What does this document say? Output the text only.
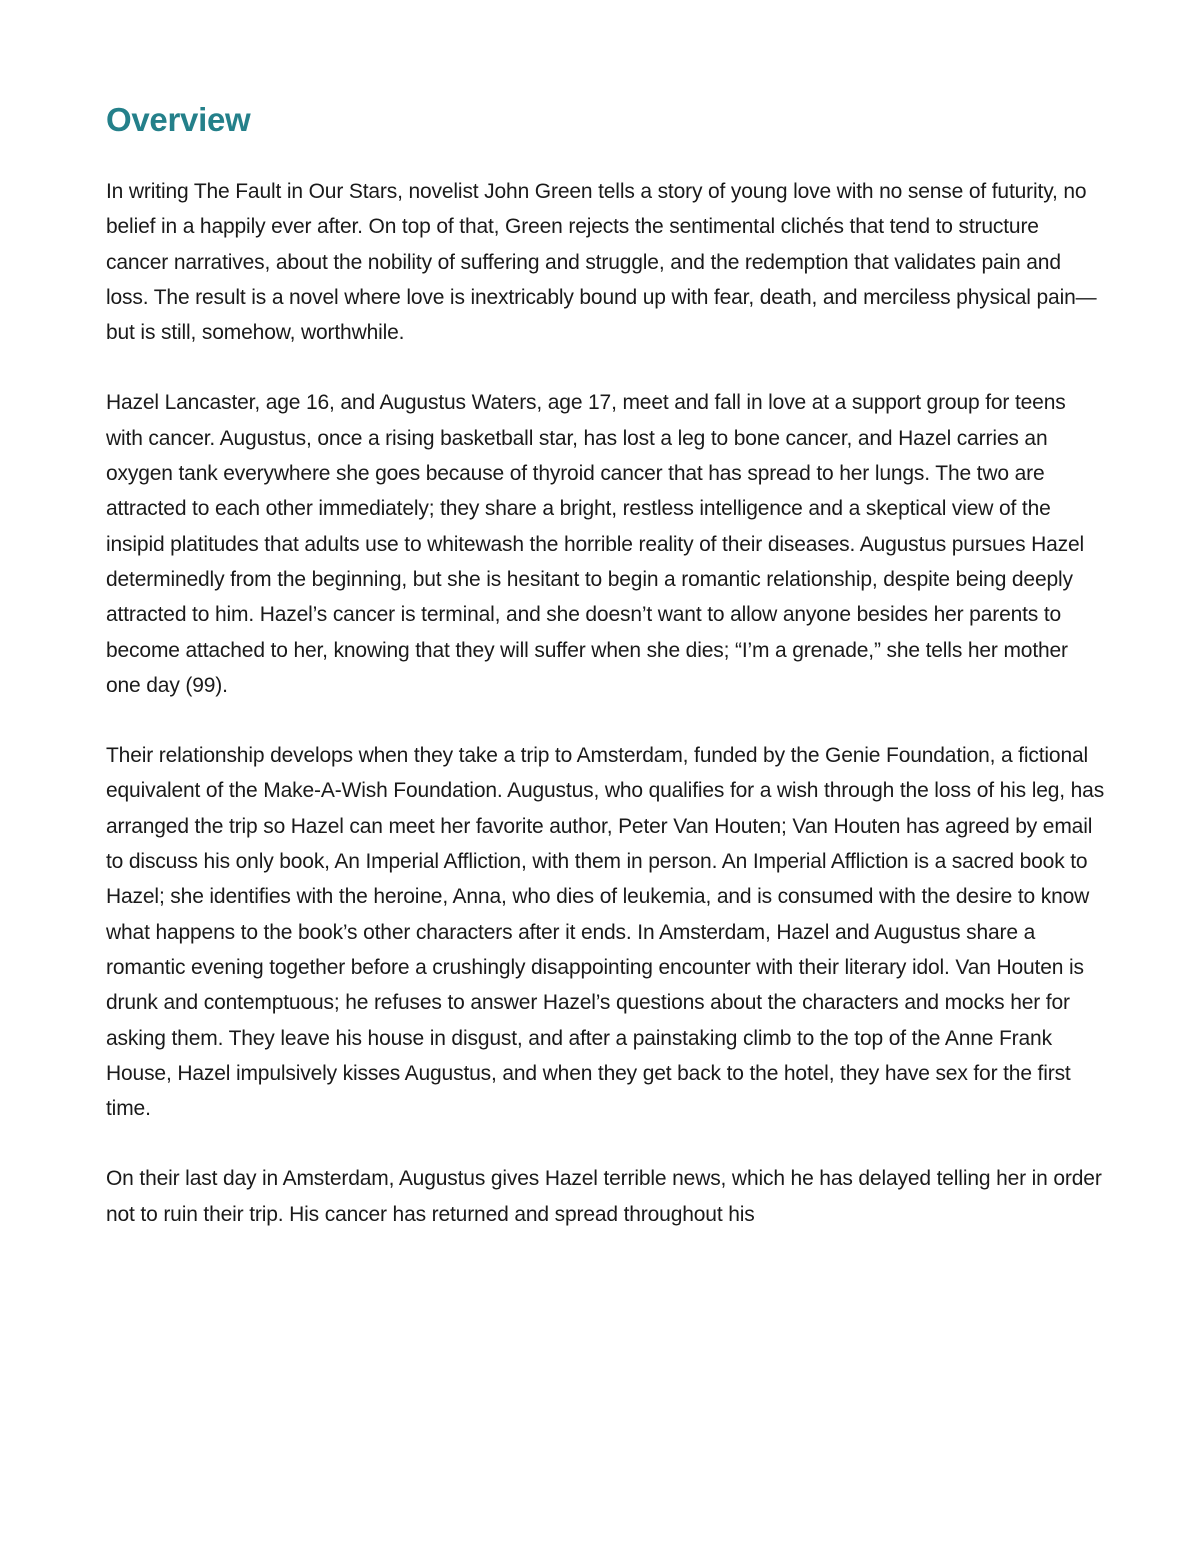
Overview

In writing The Fault in Our Stars, novelist John Green tells a story of young love with no sense of futurity, no belief in a happily ever after. On top of that, Green rejects the sentimental clichés that tend to structure cancer narratives, about the nobility of suffering and struggle, and the redemption that validates pain and loss. The result is a novel where love is inextricably bound up with fear, death, and merciless physical pain—but is still, somehow, worthwhile.

Hazel Lancaster, age 16, and Augustus Waters, age 17, meet and fall in love at a support group for teens with cancer. Augustus, once a rising basketball star, has lost a leg to bone cancer, and Hazel carries an oxygen tank everywhere she goes because of thyroid cancer that has spread to her lungs. The two are attracted to each other immediately; they share a bright, restless intelligence and a skeptical view of the insipid platitudes that adults use to whitewash the horrible reality of their diseases. Augustus pursues Hazel determinedly from the beginning, but she is hesitant to begin a romantic relationship, despite being deeply attracted to him. Hazel’s cancer is terminal, and she doesn’t want to allow anyone besides her parents to become attached to her, knowing that they will suffer when she dies; “I’m a grenade,” she tells her mother one day (99).

Their relationship develops when they take a trip to Amsterdam, funded by the Genie Foundation, a fictional equivalent of the Make-A-Wish Foundation. Augustus, who qualifies for a wish through the loss of his leg, has arranged the trip so Hazel can meet her favorite author, Peter Van Houten; Van Houten has agreed by email to discuss his only book, An Imperial Affliction, with them in person. An Imperial Affliction is a sacred book to Hazel; she identifies with the heroine, Anna, who dies of leukemia, and is consumed with the desire to know what happens to the book’s other characters after it ends. In Amsterdam, Hazel and Augustus share a romantic evening together before a crushingly disappointing encounter with their literary idol. Van Houten is drunk and contemptuous; he refuses to answer Hazel’s questions about the characters and mocks her for asking them. They leave his house in disgust, and after a painstaking climb to the top of the Anne Frank House, Hazel impulsively kisses Augustus, and when they get back to the hotel, they have sex for the first time.

On their last day in Amsterdam, Augustus gives Hazel terrible news, which he has delayed telling her in order not to ruin their trip. His cancer has returned and spread throughout his
